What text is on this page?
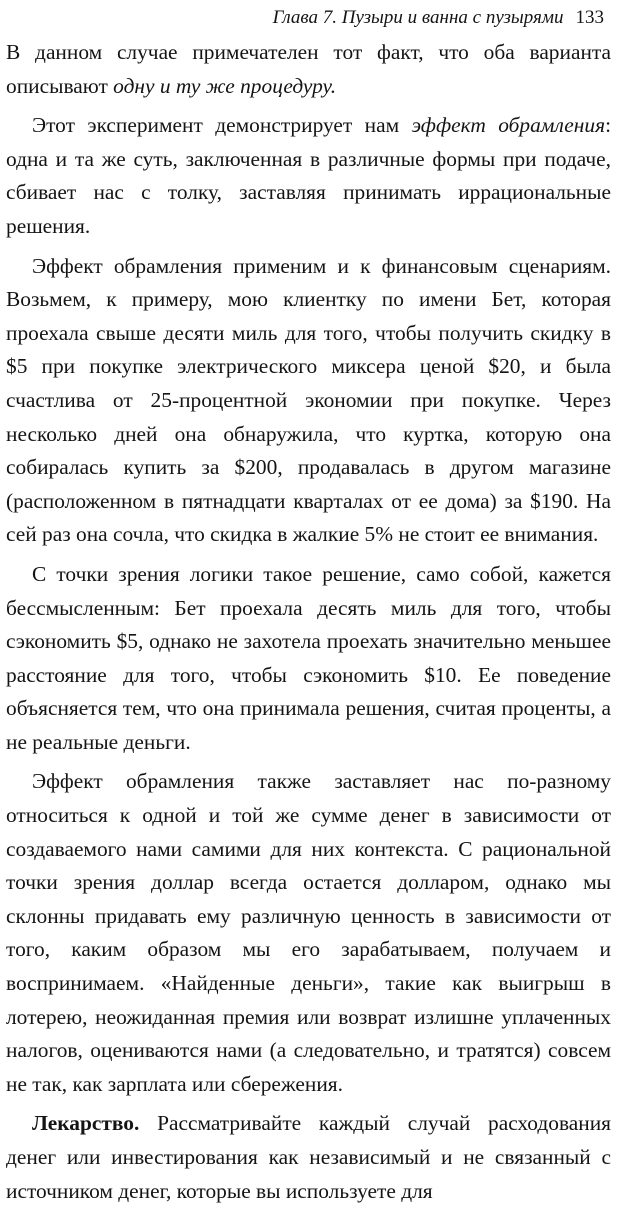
Глава 7. Пузыри и ванна с пузырями 133

В данном случае примечателен тот факт, что оба варианта описывают одну и ту же процедуру.

Этот эксперимент демонстрирует нам эффект обрамления: одна и та же суть, заключенная в различные формы при подаче, сбивает нас с толку, заставляя принимать иррациональные решения.

Эффект обрамления применим и к финансовым сценариям. Возьмем, к примеру, мою клиентку по имени Бет, которая проехала свыше десяти миль для того, чтобы получить скидку в $5 при покупке электрического миксера ценой $20, и была счастлива от 25-процентной экономии при покупке. Через несколько дней она обнаружила, что куртка, которую она собиралась купить за $200, продавалась в другом магазине (расположенном в пятнадцати кварталах от ее дома) за $190. На сей раз она сочла, что скидка в жалкие 5% не стоит ее внимания.

С точки зрения логики такое решение, само собой, кажется бессмысленным: Бет проехала десять миль для того, чтобы сэкономить $5, однако не захотела проехать значительно меньшее расстояние для того, чтобы сэкономить $10. Ее поведение объясняется тем, что она принимала решения, считая проценты, а не реальные деньги.

Эффект обрамления также заставляет нас по-разному относиться к одной и той же сумме денег в зависимости от создаваемого нами самими для них контекста. С рациональной точки зрения доллар всегда остается долларом, однако мы склонны придавать ему различную ценность в зависимости от того, каким образом мы его зарабатываем, получаем и воспринимаем. «Найденные деньги», такие как выигрыш в лотерею, неожиданная премия или возврат излишне уплаченных налогов, оцениваются нами (а следовательно, и тратятся) совсем не так, как зарплата или сбережения.

Лекарство. Рассматривайте каждый случай расходования денег или инвестирования как независимый и не связанный с источником денег, которые вы используете для
